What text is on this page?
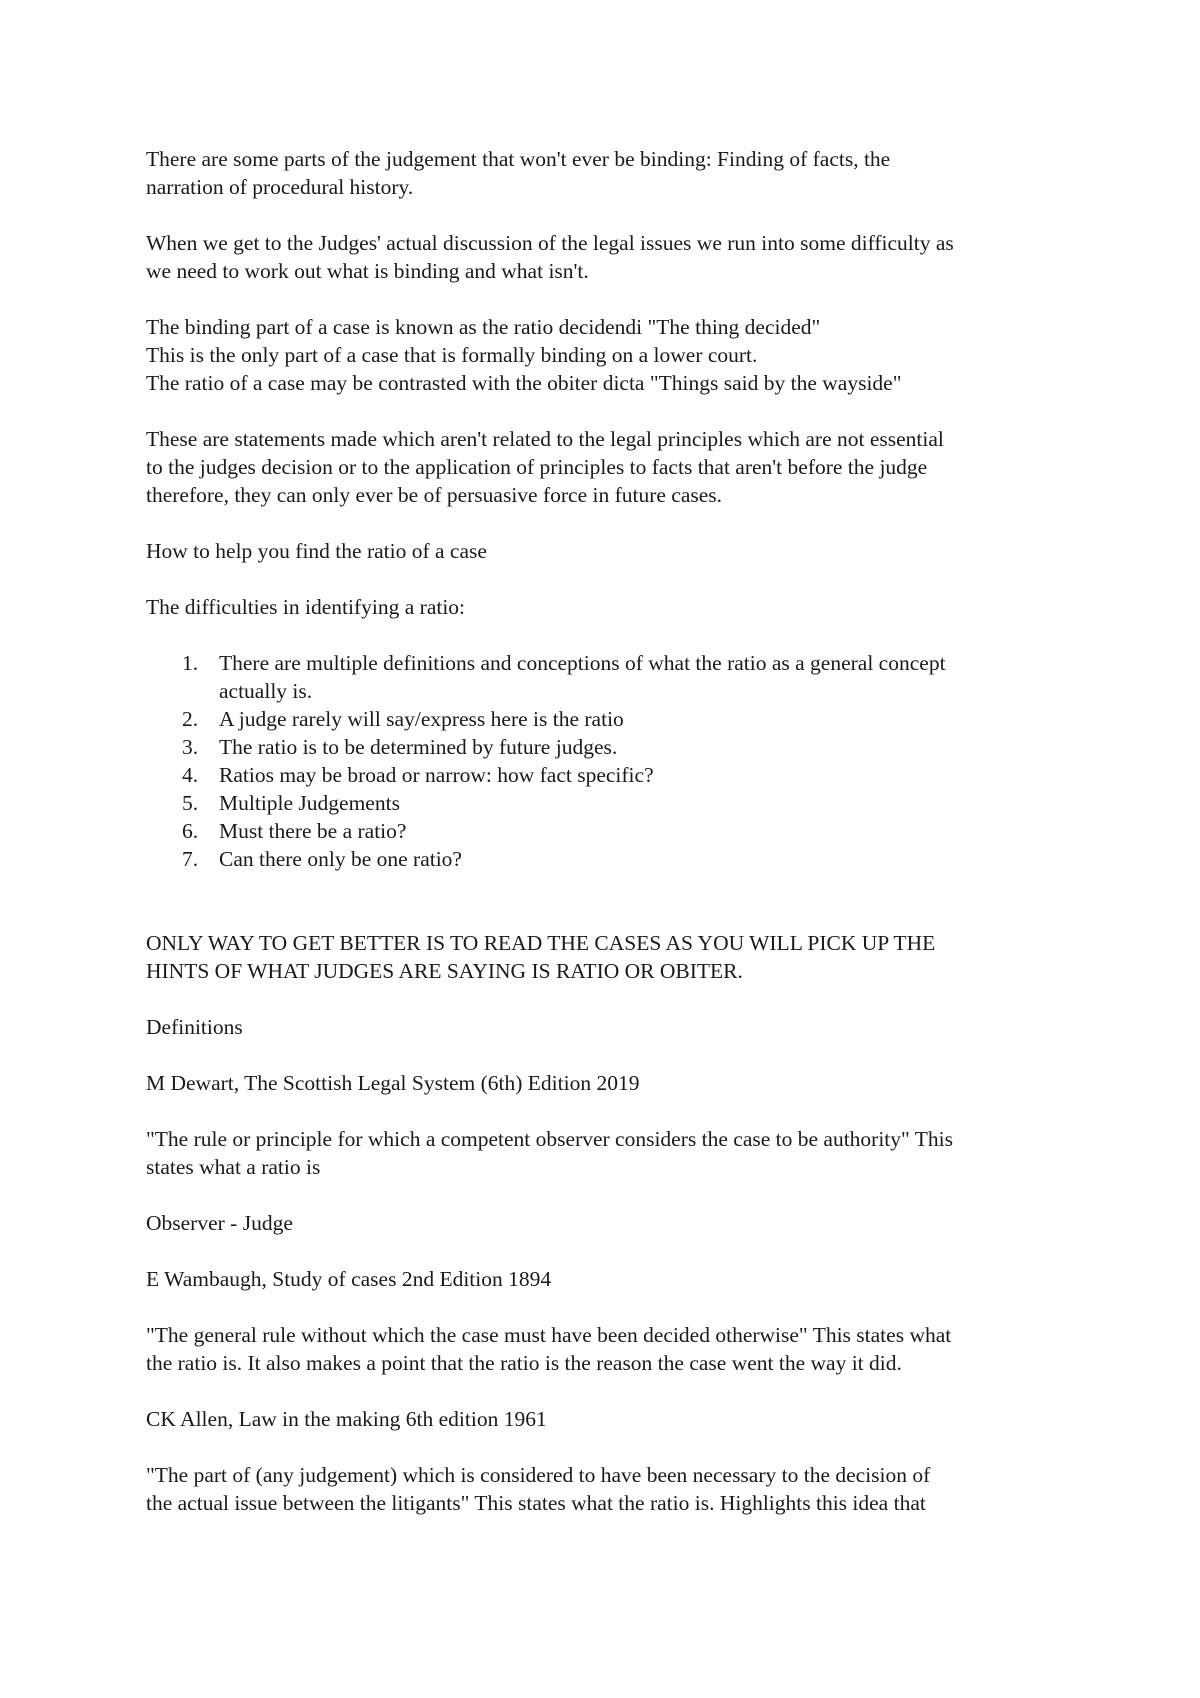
There are some parts of the judgement that won't ever be binding: Finding of facts, the
narration of procedural history.
When we get to the Judges' actual discussion of the legal issues we run into some difficulty as
we need to work out what is binding and what isn't.
The binding part of a case is known as the ratio decidendi "The thing decided"
This is the only part of a case that is formally binding on a lower court.
The ratio of a case may be contrasted with the obiter dicta "Things said by the wayside"
These are statements made which aren't related to the legal principles which are not essential
to the judges decision or to the application of principles to facts that aren't before the judge
therefore, they can only ever be of persuasive force in future cases.
How to help you find the ratio of a case
The difficulties in identifying a ratio:
1. There are multiple definitions and conceptions of what the ratio as a general concept
actually is.
2. A judge rarely will say/express here is the ratio
3. The ratio is to be determined by future judges.
4. Ratios may be broad or narrow: how fact specific?
5. Multiple Judgements
6. Must there be a ratio?
7. Can there only be one ratio?
ONLY WAY TO GET BETTER IS TO READ THE CASES AS YOU WILL PICK UP THE
HINTS OF WHAT JUDGES ARE SAYING IS RATIO OR OBITER.
Definitions
M Dewart, The Scottish Legal System (6th) Edition 2019
"The rule or principle for which a competent observer considers the case to be authority" This
states what a ratio is
Observer - Judge
E Wambaugh, Study of cases 2nd Edition 1894
"The general rule without which the case must have been decided otherwise" This states what
the ratio is. It also makes a point that the ratio is the reason the case went the way it did.
CK Allen, Law in the making 6th edition 1961
"The part of (any judgement) which is considered to have been necessary to the decision of
the actual issue between the litigants" This states what the ratio is. Highlights this idea that
